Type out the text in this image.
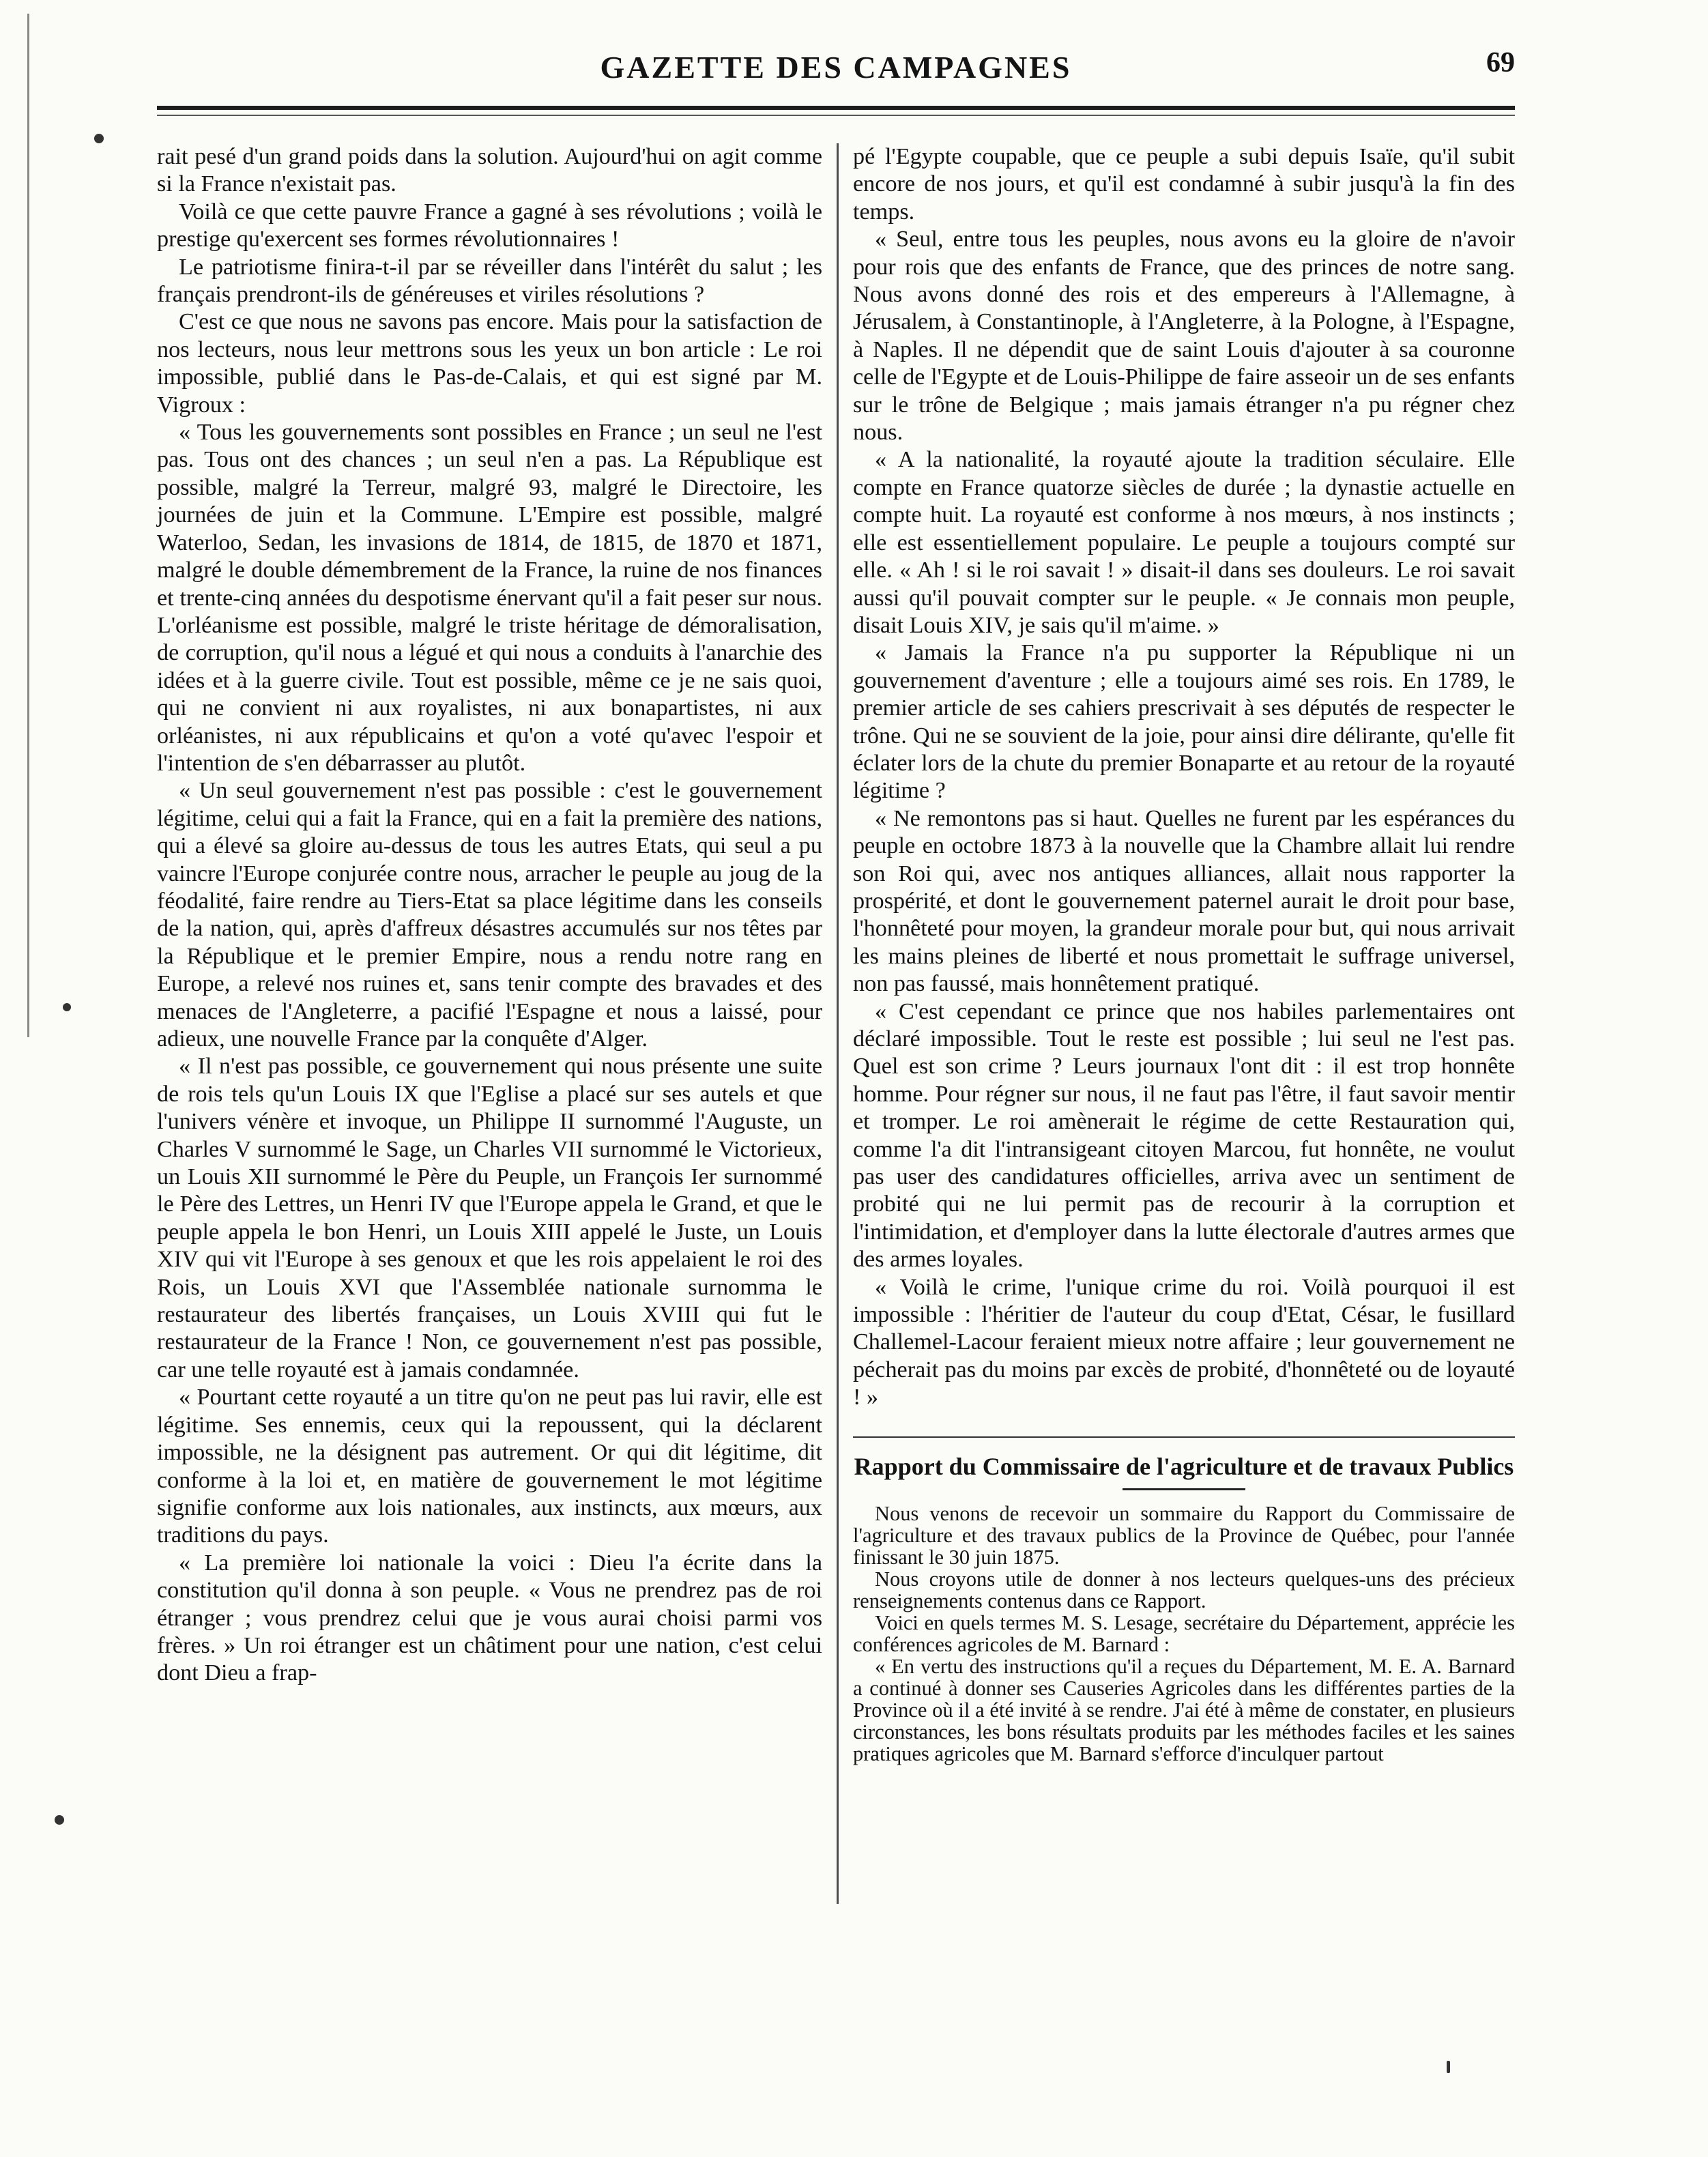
GAZETTE DES CAMPAGNES	69

rait pesé d'un grand poids dans la solution. Aujourd'hui on agit comme si la France n'existait pas.

Voilà ce que cette pauvre France a gagné à ses révolutions ; voilà le prestige qu'exercent ses formes révolutionnaires !

Le patriotisme finira-t-il par se réveiller dans l'intérêt du salut ; les français prendront-ils de généreuses et viriles résolutions ?

C'est ce que nous ne savons pas encore. Mais pour la satisfaction de nos lecteurs, nous leur mettrons sous les yeux un bon article : Le roi impossible, publié dans le Pas-de-Calais, et qui est signé par M. Vigroux :

« Tous les gouvernements sont possibles en France ; un seul ne l'est pas. Tous ont des chances ; un seul n'en a pas. La République est possible, malgré la Terreur, malgré 93, malgré le Directoire, les journées de juin et la Commune. L'Empire est possible, malgré Waterloo, Sedan, les invasions de 1814, de 1815, de 1870 et 1871, malgré le double démembrement de la France, la ruine de nos finances et trente-cinq années du despotisme énervant qu'il a fait peser sur nous. L'orléanisme est possible, malgré le triste héritage de démoralisation, de corruption, qu'il nous a légué et qui nous a conduits à l'anarchie des idées et à la guerre civile. Tout est possible, même ce je ne sais quoi, qui ne convient ni aux royalistes, ni aux bonapartistes, ni aux orléanistes, ni aux républicains et qu'on a voté qu'avec l'espoir et l'intention de s'en débarrasser au plutôt.

« Un seul gouvernement n'est pas possible : c'est le gouvernement légitime, celui qui a fait la France, qui en a fait la première des nations, qui a élevé sa gloire au-dessus de tous les autres Etats, qui seul a pu vaincre l'Europe conjurée contre nous, arracher le peuple au joug de la féodalité, faire rendre au Tiers-Etat sa place légitime dans les conseils de la nation, qui, après d'affreux désastres accumulés sur nos têtes par la République et le premier Empire, nous a rendu notre rang en Europe, a relevé nos ruines et, sans tenir compte des bravades et des menaces de l'Angleterre, a pacifié l'Espagne et nous a laissé, pour adieux, une nouvelle France par la conquête d'Alger.

« Il n'est pas possible, ce gouvernement qui nous présente une suite de rois tels qu'un Louis IX que l'Eglise a placé sur ses autels et que l'univers vénère et invoque, un Philippe II surnommé l'Auguste, un Charles V surnommé le Sage, un Charles VII surnommé le Victorieux, un Louis XII surnommé le Père du Peuple, un François Ier surnommé le Père des Lettres, un Henri IV que l'Europe appela le Grand, et que le peuple appela le bon Henri, un Louis XIII appelé le Juste, un Louis XIV qui vit l'Europe à ses genoux et que les rois appelaient le roi des Rois, un Louis XVI que l'Assemblée nationale surnomma le restaurateur des libertés françaises, un Louis XVIII qui fut le restaurateur de la France ! Non, ce gouvernement n'est pas possible, car une telle royauté est à jamais condamnée.

« Pourtant cette royauté a un titre qu'on ne peut pas lui ravir, elle est légitime. Ses ennemis, ceux qui la repoussent, qui la déclarent impossible, ne la désignent pas autrement. Or qui dit légitime, dit conforme à la loi et, en matière de gouvernement le mot légitime signifie conforme aux lois nationales, aux instincts, aux mœurs, aux traditions du pays.

« La première loi nationale la voici : Dieu l'a écrite dans la constitution qu'il donna à son peuple. « Vous ne prendrez pas de roi étranger ; vous prendrez celui que je vous aurai choisi parmi vos frères. » Un roi étranger est un châtiment pour une nation, c'est celui dont Dieu a frap-

pé l'Egypte coupable, que ce peuple a subi depuis Isaïe, qu'il subit encore de nos jours, et qu'il est condamné à subir jusqu'à la fin des temps.

« Seul, entre tous les peuples, nous avons eu la gloire de n'avoir pour rois que des enfants de France, que des princes de notre sang. Nous avons donné des rois et des empereurs à l'Allemagne, à Jérusalem, à Constantinople, à l'Angleterre, à la Pologne, à l'Espagne, à Naples. Il ne dépendit que de saint Louis d'ajouter à sa couronne celle de l'Egypte et de Louis-Philippe de faire asseoir un de ses enfants sur le trône de Belgique ; mais jamais étranger n'a pu régner chez nous.

« A la nationalité, la royauté ajoute la tradition séculaire. Elle compte en France quatorze siècles de durée ; la dynastie actuelle en compte huit. La royauté est conforme à nos mœurs, à nos instincts ; elle est essentiellement populaire. Le peuple a toujours compté sur elle. « Ah ! si le roi savait ! » disait-il dans ses douleurs. Le roi savait aussi qu'il pouvait compter sur le peuple. « Je connais mon peuple, disait Louis XIV, je sais qu'il m'aime. »

« Jamais la France n'a pu supporter la République ni un gouvernement d'aventure ; elle a toujours aimé ses rois. En 1789, le premier article de ses cahiers prescrivait à ses députés de respecter le trône. Qui ne se souvient de la joie, pour ainsi dire délirante, qu'elle fit éclater lors de la chute du premier Bonaparte et au retour de la royauté légitime ?

« Ne remontons pas si haut. Quelles ne furent par les espérances du peuple en octobre 1873 à la nouvelle que la Chambre allait lui rendre son Roi qui, avec nos antiques alliances, allait nous rapporter la prospérité, et dont le gouvernement paternel aurait le droit pour base, l'honnêteté pour moyen, la grandeur morale pour but, qui nous arrivait les mains pleines de liberté et nous promettait le suffrage universel, non pas faussé, mais honnêtement pratiqué.

« C'est cependant ce prince que nos habiles parlementaires ont déclaré impossible. Tout le reste est possible ; lui seul ne l'est pas. Quel est son crime ? Leurs journaux l'ont dit : il est trop honnête homme. Pour régner sur nous, il ne faut pas l'être, il faut savoir mentir et tromper. Le roi amènerait le régime de cette Restauration qui, comme l'a dit l'intransigeant citoyen Marcou, fut honnête, ne voulut pas user des candidatures officielles, arriva avec un sentiment de probité qui ne lui permit pas de recourir à la corruption et l'intimidation, et d'employer dans la lutte électorale d'autres armes que des armes loyales.

« Voilà le crime, l'unique crime du roi. Voilà pourquoi il est impossible : l'héritier de l'auteur du coup d'Etat, César, le fusillard Challemel-Lacour feraient mieux notre affaire ; leur gouvernement ne pécherait pas du moins par excès de probité, d'honnêteté ou de loyauté ! »

Rapport du Commissaire de l'agriculture et de travaux Publics

Nous venons de recevoir un sommaire du Rapport du Commissaire de l'agriculture et des travaux publics de la Province de Québec, pour l'année finissant le 30 juin 1875.

Nous croyons utile de donner à nos lecteurs quelques-uns des précieux renseignements contenus dans ce Rapport.

Voici en quels termes M. S. Lesage, secrétaire du Département, apprécie les conférences agricoles de M. Barnard :

« En vertu des instructions qu'il a reçues du Département, M. E. A. Barnard a continué à donner ses Causeries Agricoles dans les différentes parties de la Province où il a été invité à se rendre. J'ai été à même de constater, en plusieurs circonstances, les bons résultats produits par les méthodes faciles et les saines pratiques agricoles que M. Barnard s'efforce d'inculquer partout
